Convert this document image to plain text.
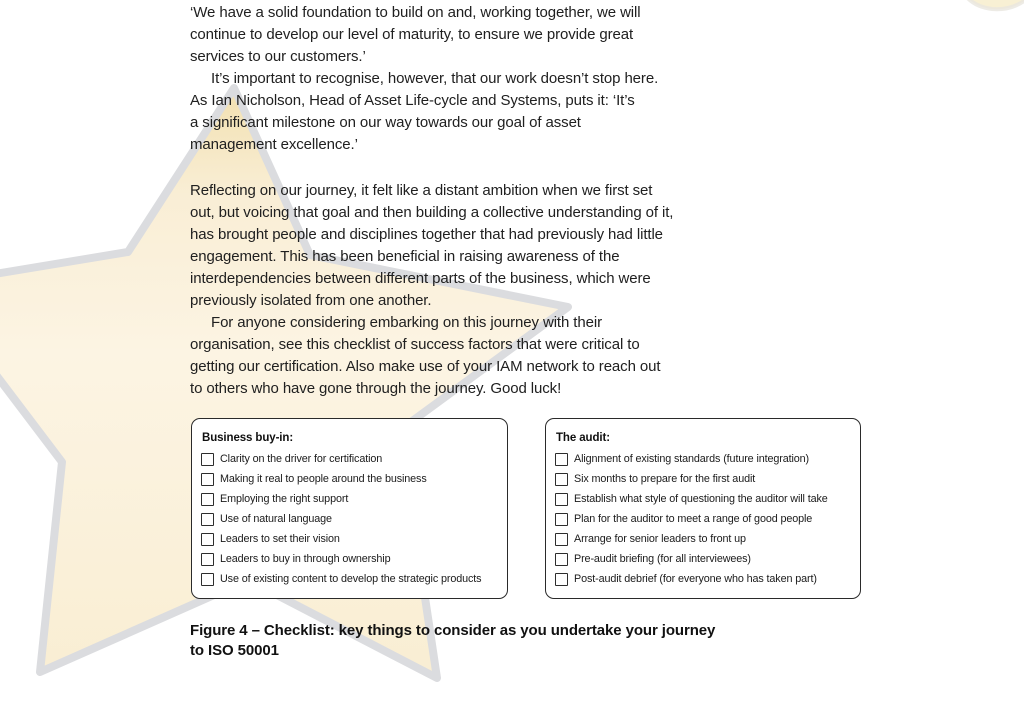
‘We have a solid foundation to build on and, working together, we will
continue to develop our level of maturity, to ensure we provide great
services to our customers.’
It’s important to recognise, however, that our work doesn’t stop here.
As Ian Nicholson, Head of Asset Life-cycle and Systems, puts it: ‘It’s
a significant milestone on our way towards our goal of asset
management excellence.’
Reflecting on our journey, it felt like a distant ambition when we first set
out, but voicing that goal and then building a collective understanding of it,
has brought people and disciplines together that had previously had little
engagement. This has been beneficial in raising awareness of the
interdependencies between different parts of the business, which were
previously isolated from one another.
For anyone considering embarking on this journey with their
organisation, see this checklist of success factors that were critical to
getting our certification. Also make use of your IAM network to reach out
to others who have gone through the journey. Good luck!
Business buy-in:
Clarity on the driver for certification
Making it real to people around the business
Employing the right support
Use of natural language
Leaders to set their vision
Leaders to buy in through ownership
Use of existing content to develop the strategic products
The audit:
Alignment of existing standards (future integration)
Six months to prepare for the first audit
Establish what style of questioning the auditor will take
Plan for the auditor to meet a range of good people
Arrange for senior leaders to front up
Pre-audit briefing (for all interviewees)
Post-audit debrief (for everyone who has taken part)
Figure 4 – Checklist: key things to consider as you undertake your journey
to ISO 50001
